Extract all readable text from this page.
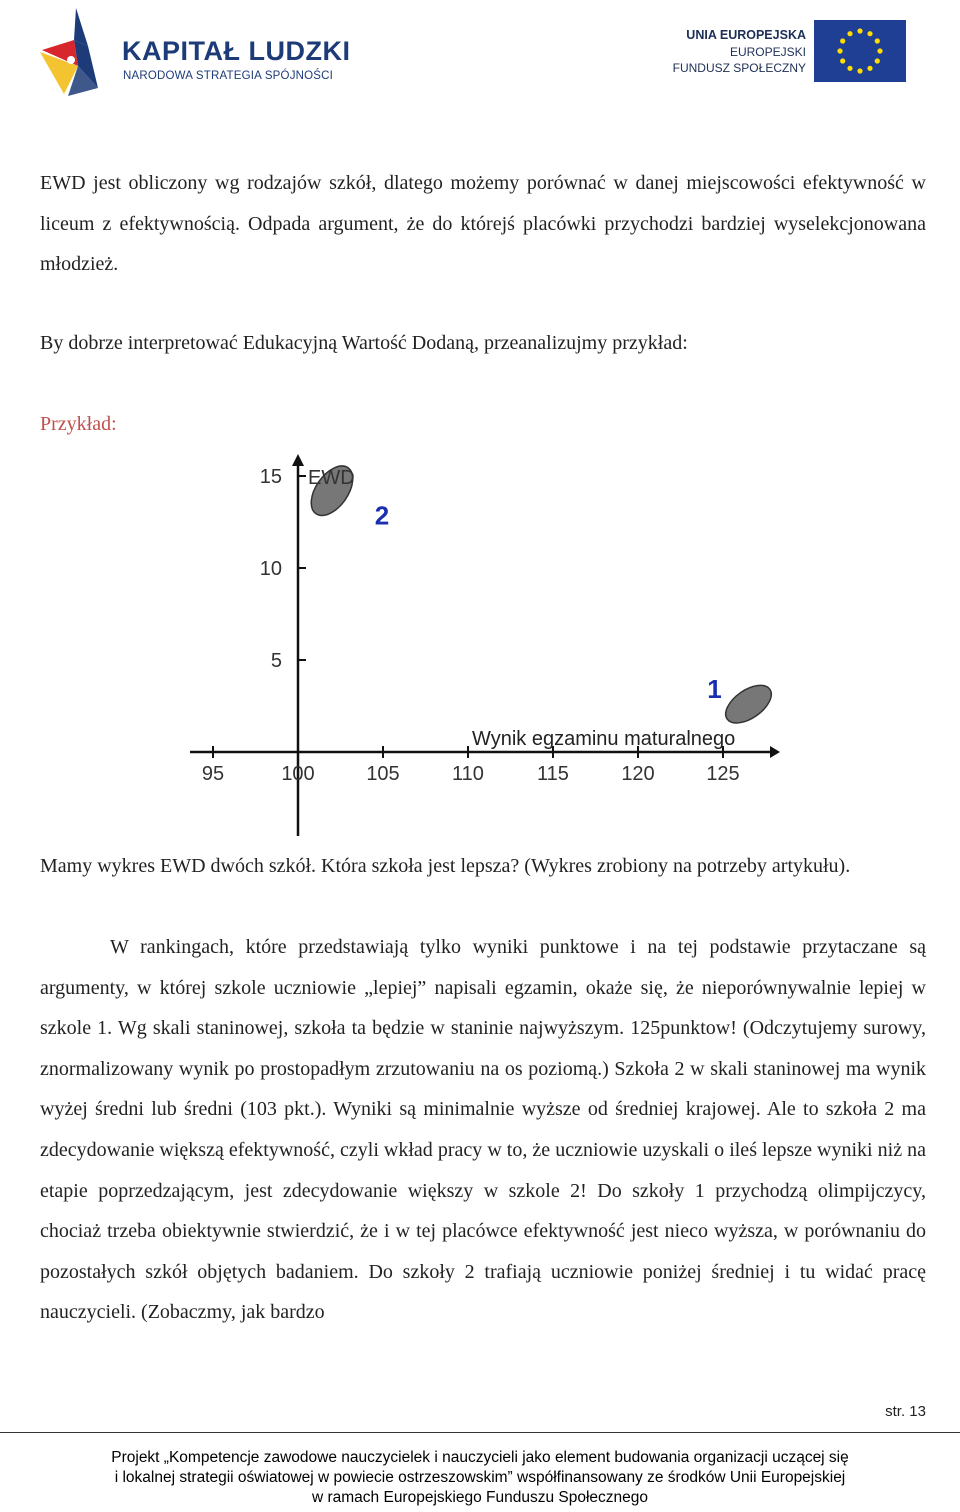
KAPITAŁ LUDZKI
NARODOWA STRATEGIA SPÓJNOŚCI
UNIA EUROPEJSKA
EUROPEJSKI
FUNDUSZ SPOŁECZNY
EWD jest obliczony wg rodzajów szkół, dlatego możemy porównać w danej miejscowości efektywność w liceum z efektywnością. Odpada argument, że do którejś placówki przychodzi bardziej wyselekcjonowana młodzież.
By dobrze interpretować Edukacyjną Wartość Dodaną, przeanalizujmy przykład:
Przykład:
95	100	105	110	115	120	125
5
10
15
2
1
EWD
Wynik egzaminu maturalnego
Mamy wykres EWD dwóch szkół. Która szkoła jest lepsza? (Wykres zrobiony na potrzeby artykułu).
W rankingach, które przedstawiają tylko wyniki punktowe i na tej podstawie przytaczane są argumenty, w której szkole uczniowie „lepiej” napisali egzamin, okaże się, że nieporównywalnie lepiej w szkole 1. Wg skali staninowej, szkoła ta będzie w staninie najwyższym. 125punktow! (Odczytujemy surowy, znormalizowany wynik po prostopadłym zrzutowaniu na os poziomą.) Szkoła 2 w skali staninowej ma wynik wyżej średni lub średni (103 pkt.). Wyniki są minimalnie wyższe od średniej krajowej. Ale to szkoła 2 ma zdecydowanie większą efektywność, czyli wkład pracy w to, że uczniowie uzyskali o ileś lepsze wyniki niż na etapie poprzedzającym, jest zdecydowanie większy w szkole 2! Do szkoły 1 przychodzą olimpijczycy, chociaż trzeba obiektywnie stwierdzić, że i w tej placówce efektywność jest nieco wyższa, w porównaniu do pozostałych szkół objętych badaniem. Do szkoły 2 trafiają uczniowie poniżej średniej i tu widać pracę nauczycieli. (Zobaczmy, jak bardzo
str. 13
Projekt „Kompetencje zawodowe nauczycielek i nauczycieli jako element budowania organizacji uczącej się
i lokalnej strategii oświatowej w powiecie ostrzeszowskim” współfinansowany ze środków Unii Europejskiej
w ramach Europejskiego Funduszu Społecznego
